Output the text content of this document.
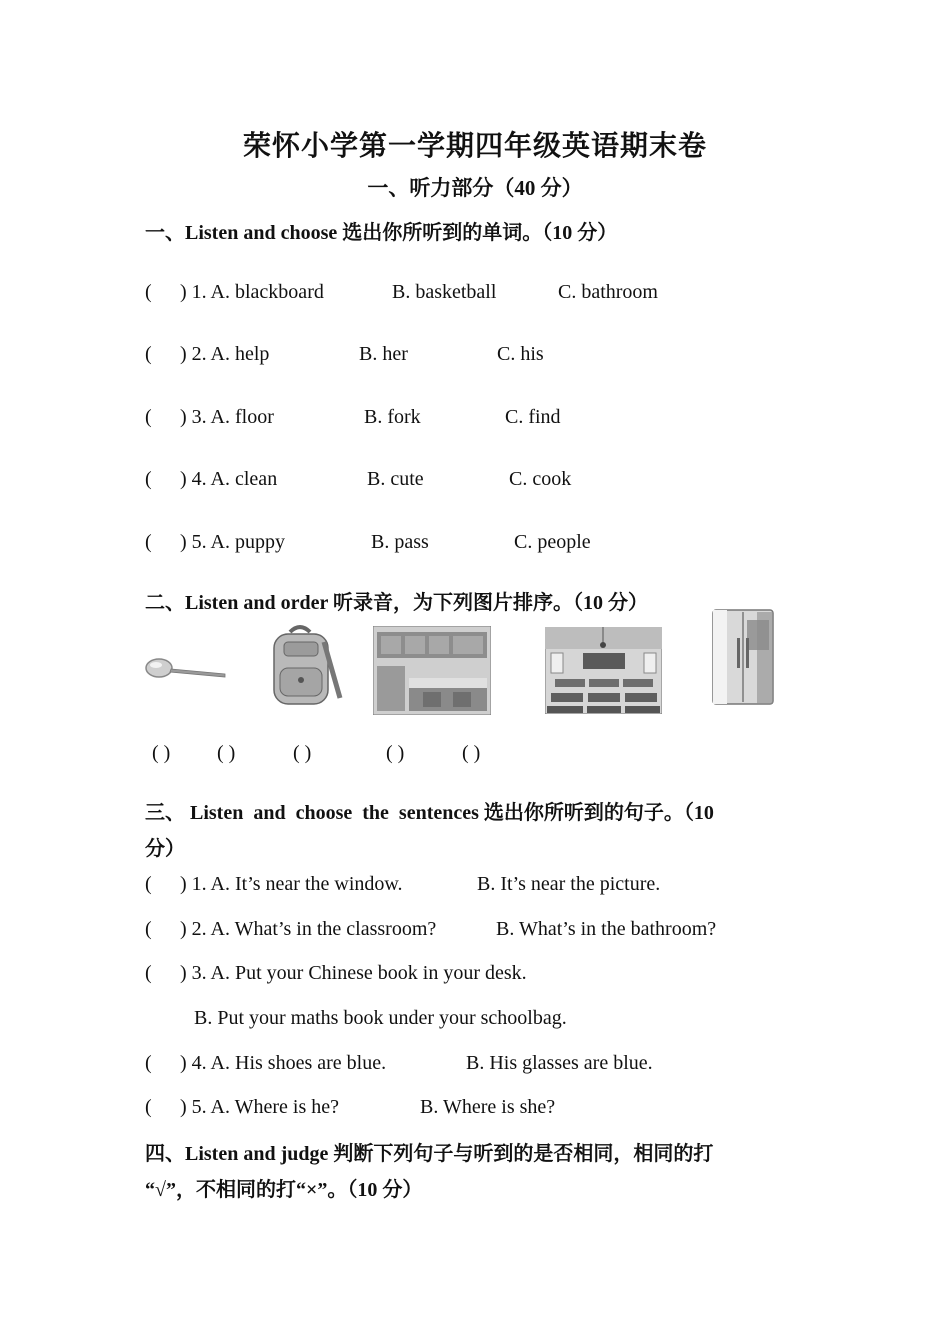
荣怀小学第一学期四年级英语期末卷
一、听力部分（40 分）
一、Listen and choose 选出你所听到的单词。（10 分）
( ) 1. A. blackboard	B. basketball	C. bathroom
( ) 2. A. help	B. her	C. his
( ) 3. A. floor	B. fork	C. find
( ) 4. A. clean	B. cute	C. cook
( ) 5. A. puppy	B. pass	C. people
二、Listen and order 听录音，为下列图片排序。（10 分）
( ) ( )	( )	( )	( )
三、 Listen  and  choose  the  sentences 选出你所听到的句子。（10
分）
( ) 1. A. It’s near the window.	B. It’s near the picture.
( ) 2. A. What’s in the classroom?	B. What’s in the bathroom?
( ) 3. A. Put your Chinese book in your desk.
B. Put your maths book under your schoolbag.
( ) 4. A. His shoes are blue.	B. His glasses are blue.
( ) 5. A. Where is he?	B. Where is she?
四、Listen and judge 判断下列句子与听到的是否相同，相同的打
“√”，不相同的打“×”。（10 分）
